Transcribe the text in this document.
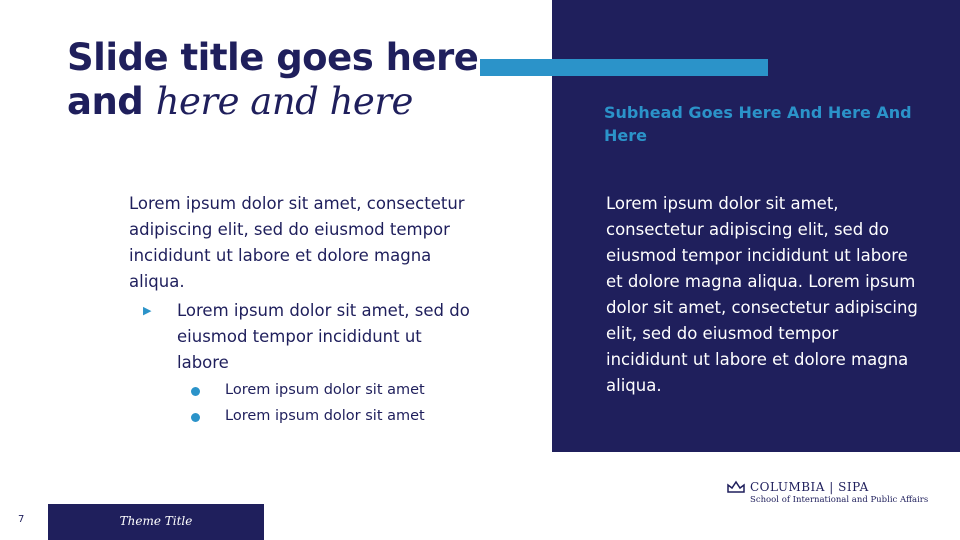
Slide title goes here
and here and here

Lorem ipsum dolor sit amet, consectetur adipiscing elit, sed do eiusmod tempor incididunt ut labore et dolore magna aliqua.

▶ Lorem ipsum dolor sit amet, sed do eiusmod tempor incididunt ut labore
Lorem ipsum dolor sit amet
Lorem ipsum dolor sit amet
Subhead Goes Here And Here And Here

Lorem ipsum dolor sit amet, consectetur adipiscing elit, sed do eiusmod tempor incididunt ut labore et dolore magna aliqua. Lorem ipsum dolor sit amet, consectetur adipiscing elit, sed do eiusmod tempor incididunt ut labore et dolore magna aliqua.

7	Theme Title
COLUMBIA | SIPA
School of International and Public Affairs
